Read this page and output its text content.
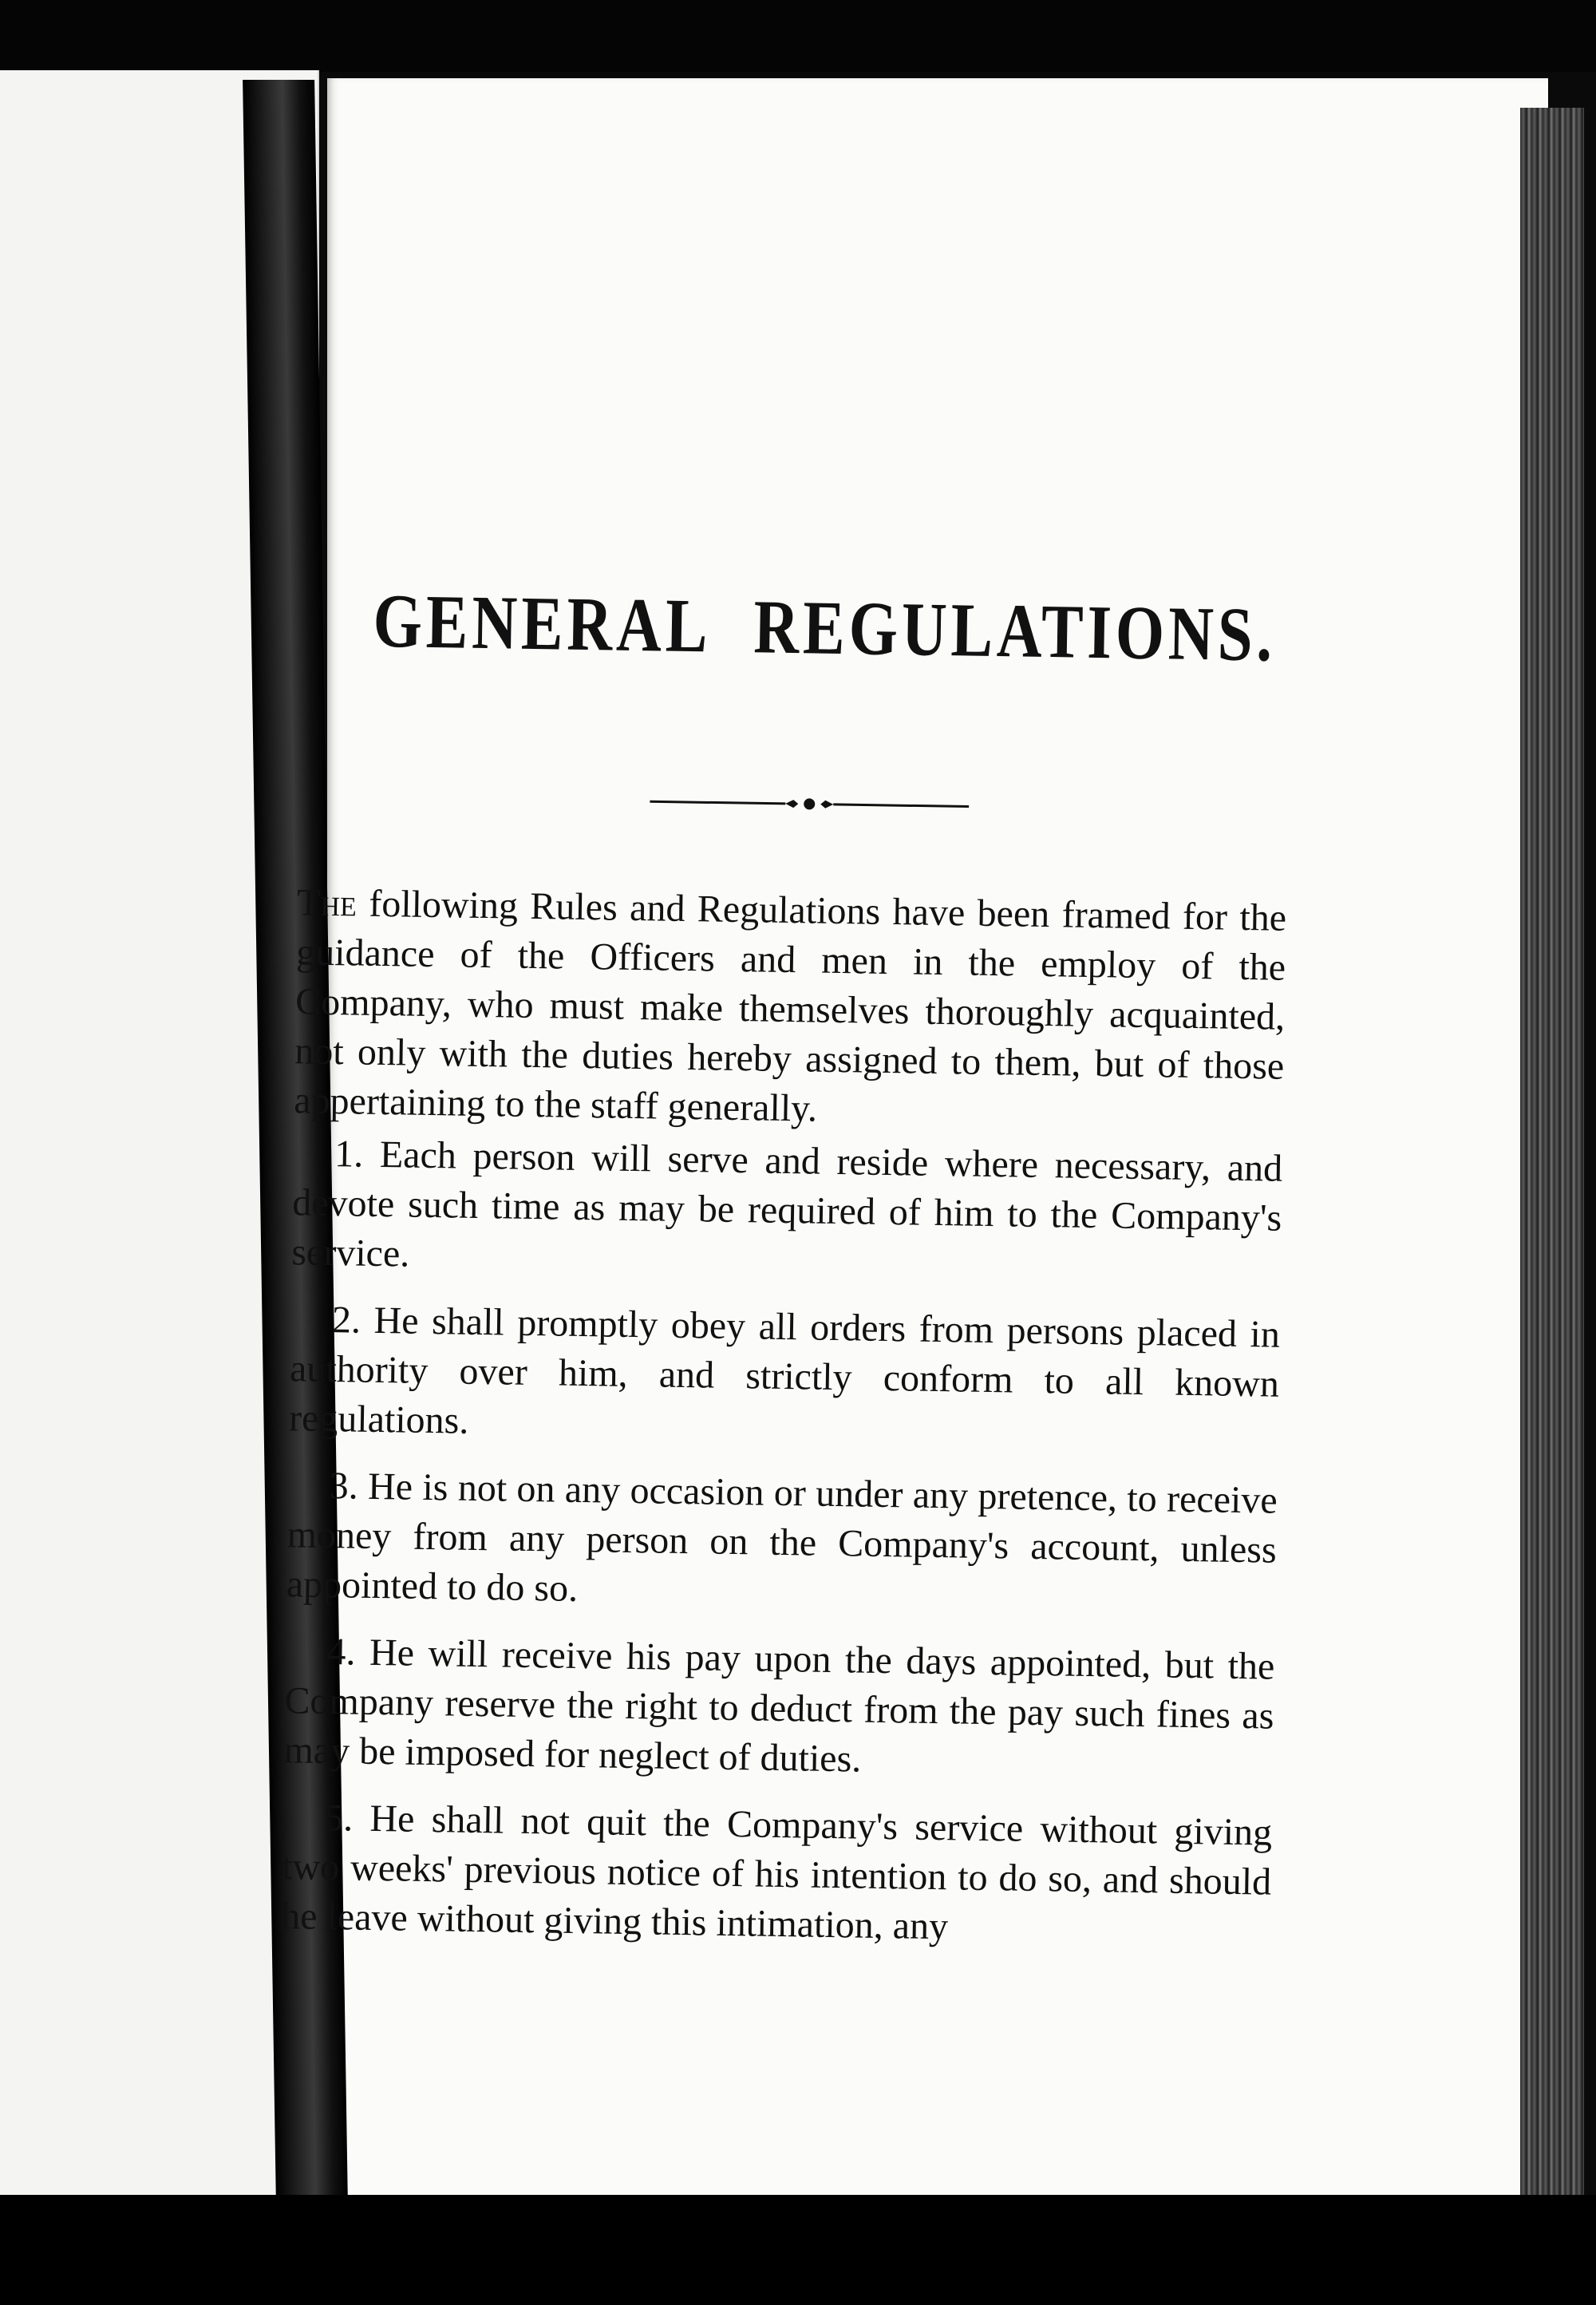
GENERAL REGULATIONS.

The following Rules and Regulations have been framed for the guidance of the Officers and men in the employ of the Company, who must make themselves thoroughly acquainted, not only with the duties hereby assigned to them, but of those appertaining to the staff generally.

1. Each person will serve and reside where necessary, and devote such time as may be required of him to the Company's service.

2. He shall promptly obey all orders from persons placed in authority over him, and strictly conform to all known regulations.

3. He is not on any occasion or under any pretence, to receive money from any person on the Company's account, unless appointed to do so.

4. He will receive his pay upon the days appointed, but the Company reserve the right to deduct from the pay such fines as may be imposed for neglect of duties.

5. He shall not quit the Company's service without giving two weeks' previous notice of his intention to do so, and should he leave without giving this intimation, any
